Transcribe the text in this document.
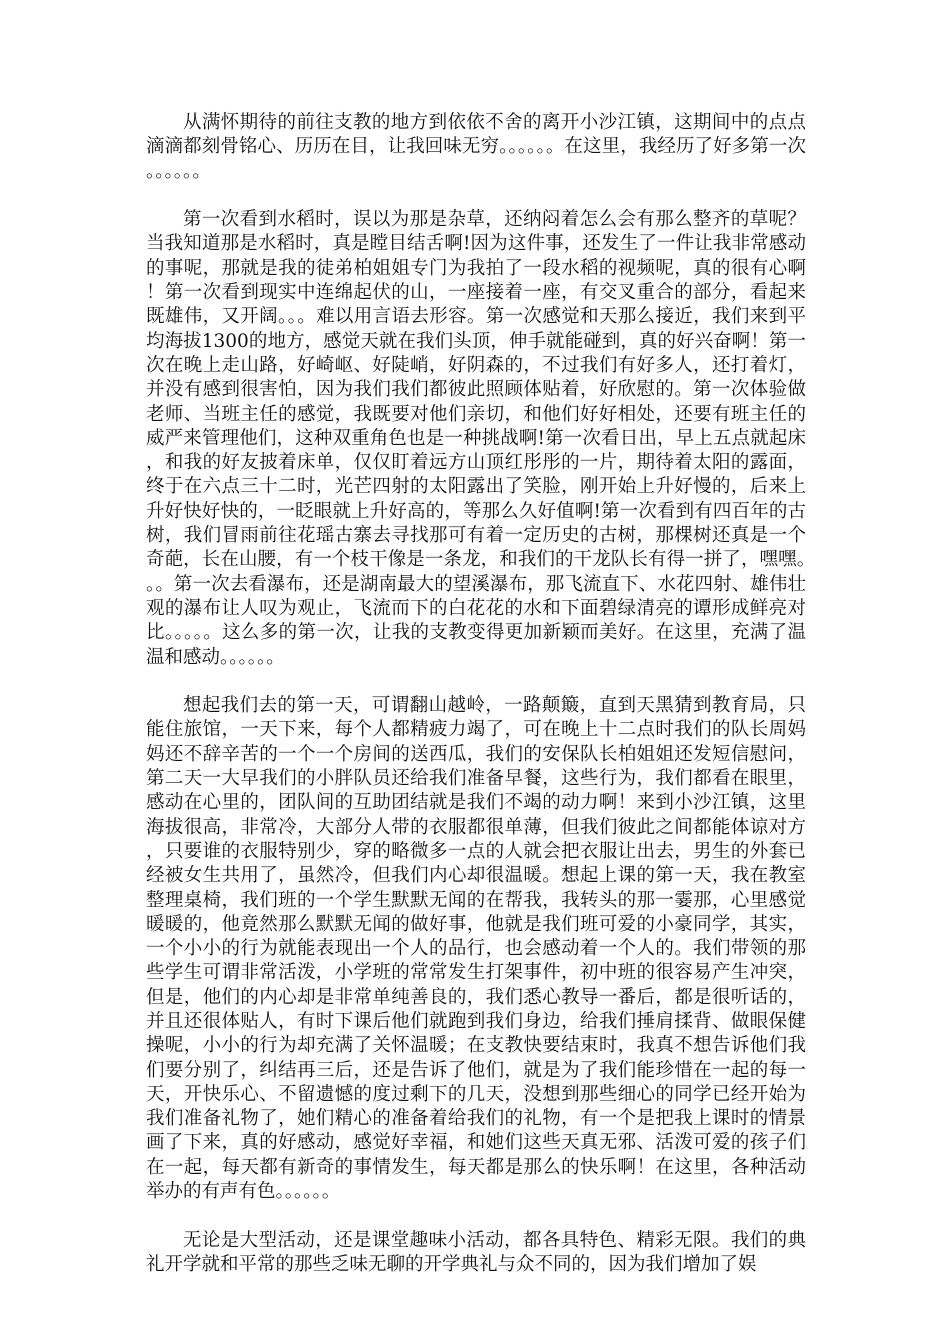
从满怀期待的前往支教的地方到依依不舍的离开小沙江镇，这期间中的点点滴滴都刻骨铭心、历历在目，让我回味无穷。。。。。。在这里，我经历了好多第一次。。。。。。

第一次看到水稻时，误以为那是杂草，还纳闷着怎么会有那么整齐的草呢？当我知道那是水稻时，真是瞠目结舌啊!因为这件事，还发生了一件让我非常感动的事呢，那就是我的徒弟柏姐姐专门为我拍了一段水稻的视频呢，真的很有心啊！第一次看到现实中连绵起伏的山，一座接着一座，有交叉重合的部分，看起来既雄伟，又开阔。。。难以用言语去形容。第一次感觉和天那么接近，我们来到平均海拔1300的地方，感觉天就在我们头顶，伸手就能碰到，真的好兴奋啊！第一次在晚上走山路，好崎岖、好陡峭，好阴森的，不过我们有好多人，还打着灯，并没有感到很害怕，因为我们我们都彼此照顾体贴着，好欣慰的。第一次体验做老师、当班主任的感觉，我既要对他们亲切，和他们好好相处，还要有班主任的威严来管理他们，这种双重角色也是一种挑战啊!第一次看日出，早上五点就起床，和我的好友披着床单，仅仅盯着远方山顶红彤彤的一片，期待着太阳的露面，终于在六点三十二时，光芒四射的太阳露出了笑脸，刚开始上升好慢的，后来上升好快好快的，一眨眼就上升好高的，等那么久好值啊!第一次看到有四百年的古树，我们冒雨前往花瑶古寨去寻找那可有着一定历史的古树，那棵树还真是一个奇葩，长在山腰，有一个枝干像是一条龙，和我们的干龙队长有得一拼了，嘿嘿。。。第一次去看瀑布，还是湖南最大的望溪瀑布，那飞流直下、水花四射、雄伟壮观的瀑布让人叹为观止，飞流而下的白花花的水和下面碧绿清亮的谭形成鲜亮对比。。。。。这么多的第一次，让我的支教变得更加新颖而美好。在这里，充满了温温和感动。。。。。。

想起我们去的第一天，可谓翻山越岭，一路颠簸，直到天黑猜到教育局，只能住旅馆，一天下来，每个人都精疲力竭了，可在晚上十二点时我们的队长周妈妈还不辞辛苦的一个一个房间的送西瓜，我们的安保队长柏姐姐还发短信慰问，第二天一大早我们的小胖队员还给我们准备早餐，这些行为，我们都看在眼里，感动在心里的，团队间的互助团结就是我们不竭的动力啊！来到小沙江镇，这里海拔很高，非常冷，大部分人带的衣服都很单薄，但我们彼此之间都能体谅对方，只要谁的衣服特别少，穿的略微多一点的人就会把衣服让出去，男生的外套已经被女生共用了，虽然冷，但我们内心却很温暖。想起上课的第一天，我在教室整理桌椅，我们班的一个学生默默无闻的在帮我，我转头的那一霎那，心里感觉暖暖的，他竟然那么默默无闻的做好事，他就是我们班可爱的小豪同学，其实，一个小小的行为就能表现出一个人的品行，也会感动着一个人的。我们带领的那些学生可谓非常活泼，小学班的常常发生打架事件，初中班的很容易产生冲突，但是，他们的内心却是非常单纯善良的，我们悉心教导一番后，都是很听话的，并且还很体贴人，有时下课后他们就跑到我们身边，给我们捶肩揉背、做眼保健操呢，小小的行为却充满了关怀温暖；在支教快要结束时，我真不想告诉他们我们要分别了，纠结再三后，还是告诉了他们，就是为了我们能珍惜在一起的每一天，开快乐心、不留遗憾的度过剩下的几天，没想到那些细心的同学已经开始为我们准备礼物了，她们精心的准备着给我们的礼物，有一个是把我上课时的情景画了下来，真的好感动，感觉好幸福，和她们这些天真无邪、活泼可爱的孩子们在一起，每天都有新奇的事情发生，每天都是那么的快乐啊！在这里，各种活动举办的有声有色。。。。。。

无论是大型活动，还是课堂趣味小活动，都各具特色、精彩无限。我们的典礼开学就和平常的那些乏味无聊的开学典礼与众不同的，因为我们增加了娱
